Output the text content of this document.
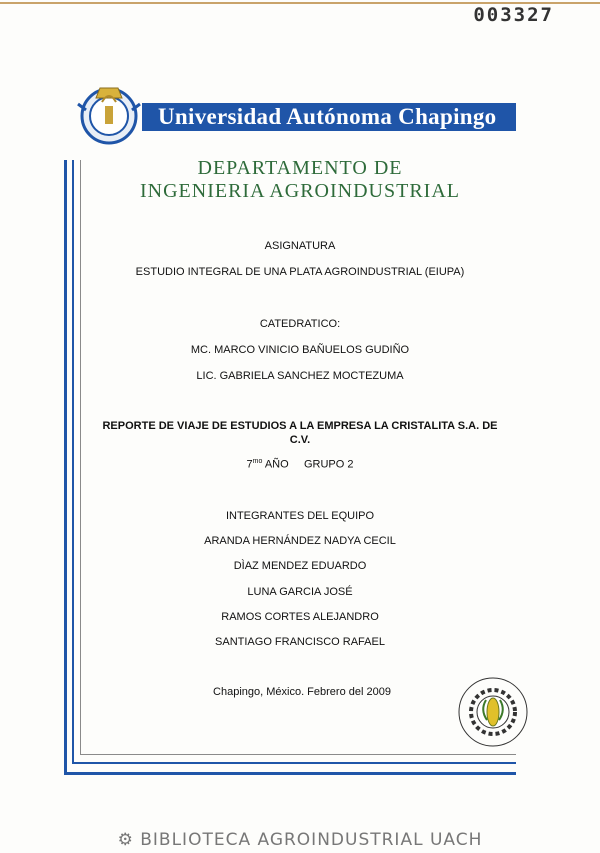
003327
Universidad Autónoma Chapingo
DEPARTAMENTO DE
INGENIERIA AGROINDUSTRIAL
ASIGNATURA
ESTUDIO INTEGRAL DE UNA PLATA AGROINDUSTRIAL (EIUPA)
CATEDRATICO:
MC. MARCO VINICIO BAÑUELOS GUDIÑO
LIC. GABRIELA SANCHEZ MOCTEZUMA
REPORTE DE VIAJE DE ESTUDIOS A LA EMPRESA LA CRISTALITA S.A. DE
C.V.
$7^{mo}$ AÑO GRUPO 2
INTEGRANTES DEL EQUIPO
ARANDA HERNÁNDEZ NADYA CECIL
DÌAZ MENDEZ EDUARDO
LUNA GARCIA JOSÉ
RAMOS CORTES ALEJANDRO
SANTIAGO FRANCISCO RAFAEL
Chapingo, México. Febrero del 2009
⚙ BIBLIOTECA AGROINDUSTRIAL UACH
